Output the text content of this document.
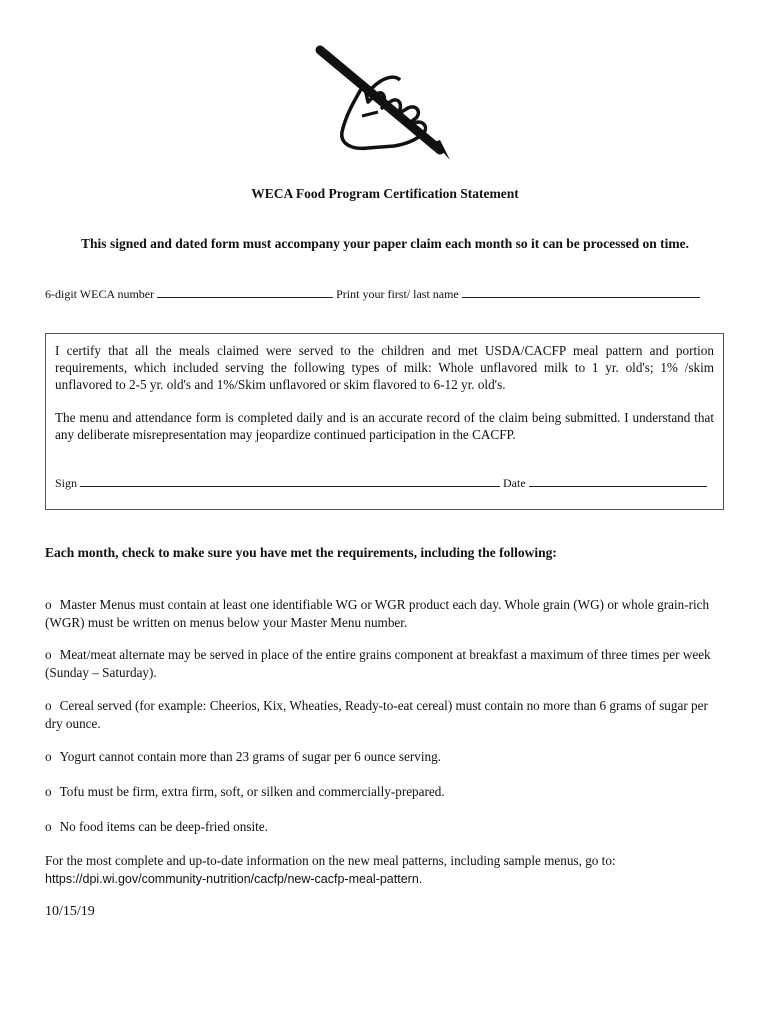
WECA Food Program Certification Statement
This signed and dated form must accompany your paper claim each month so it can be processed on time.
6-digit WECA number	Print your first/ last name

I certify that all the meals claimed were served to the children and met USDA/CACFP meal pattern and portion requirements, which included serving the following types of milk: Whole unflavored milk to 1 yr. old's; 1% /skim unflavored to 2-5 yr. old's and 1%/Skim unflavored or skim flavored to 6-12 yr. old's.

The menu and attendance form is completed daily and is an accurate record of the claim being submitted. I understand that any deliberate misrepresentation may jeopardize continued participation in the CACFP.

Sign	Date
Each month, check to make sure you have met the requirements, including the following:
o Master Menus must contain at least one identifiable WG or WGR product each day. Whole grain (WG) or whole grain-rich (WGR) must be written on menus below your Master Menu number.
o Meat/meat alternate may be served in place of the entire grains component at breakfast a maximum of three times per week (Sunday – Saturday).
o Cereal served (for example: Cheerios, Kix, Wheaties, Ready-to-eat cereal) must contain no more than 6 grams of sugar per dry ounce.
o Yogurt cannot contain more than 23 grams of sugar per 6 ounce serving.
o Tofu must be firm, extra firm, soft, or silken and commercially-prepared.
o No food items can be deep-fried onsite.
For the most complete and up-to-date information on the new meal patterns, including sample menus, go to:
https://dpi.wi.gov/community-nutrition/cacfp/new-cacfp-meal-pattern.
10/15/19
